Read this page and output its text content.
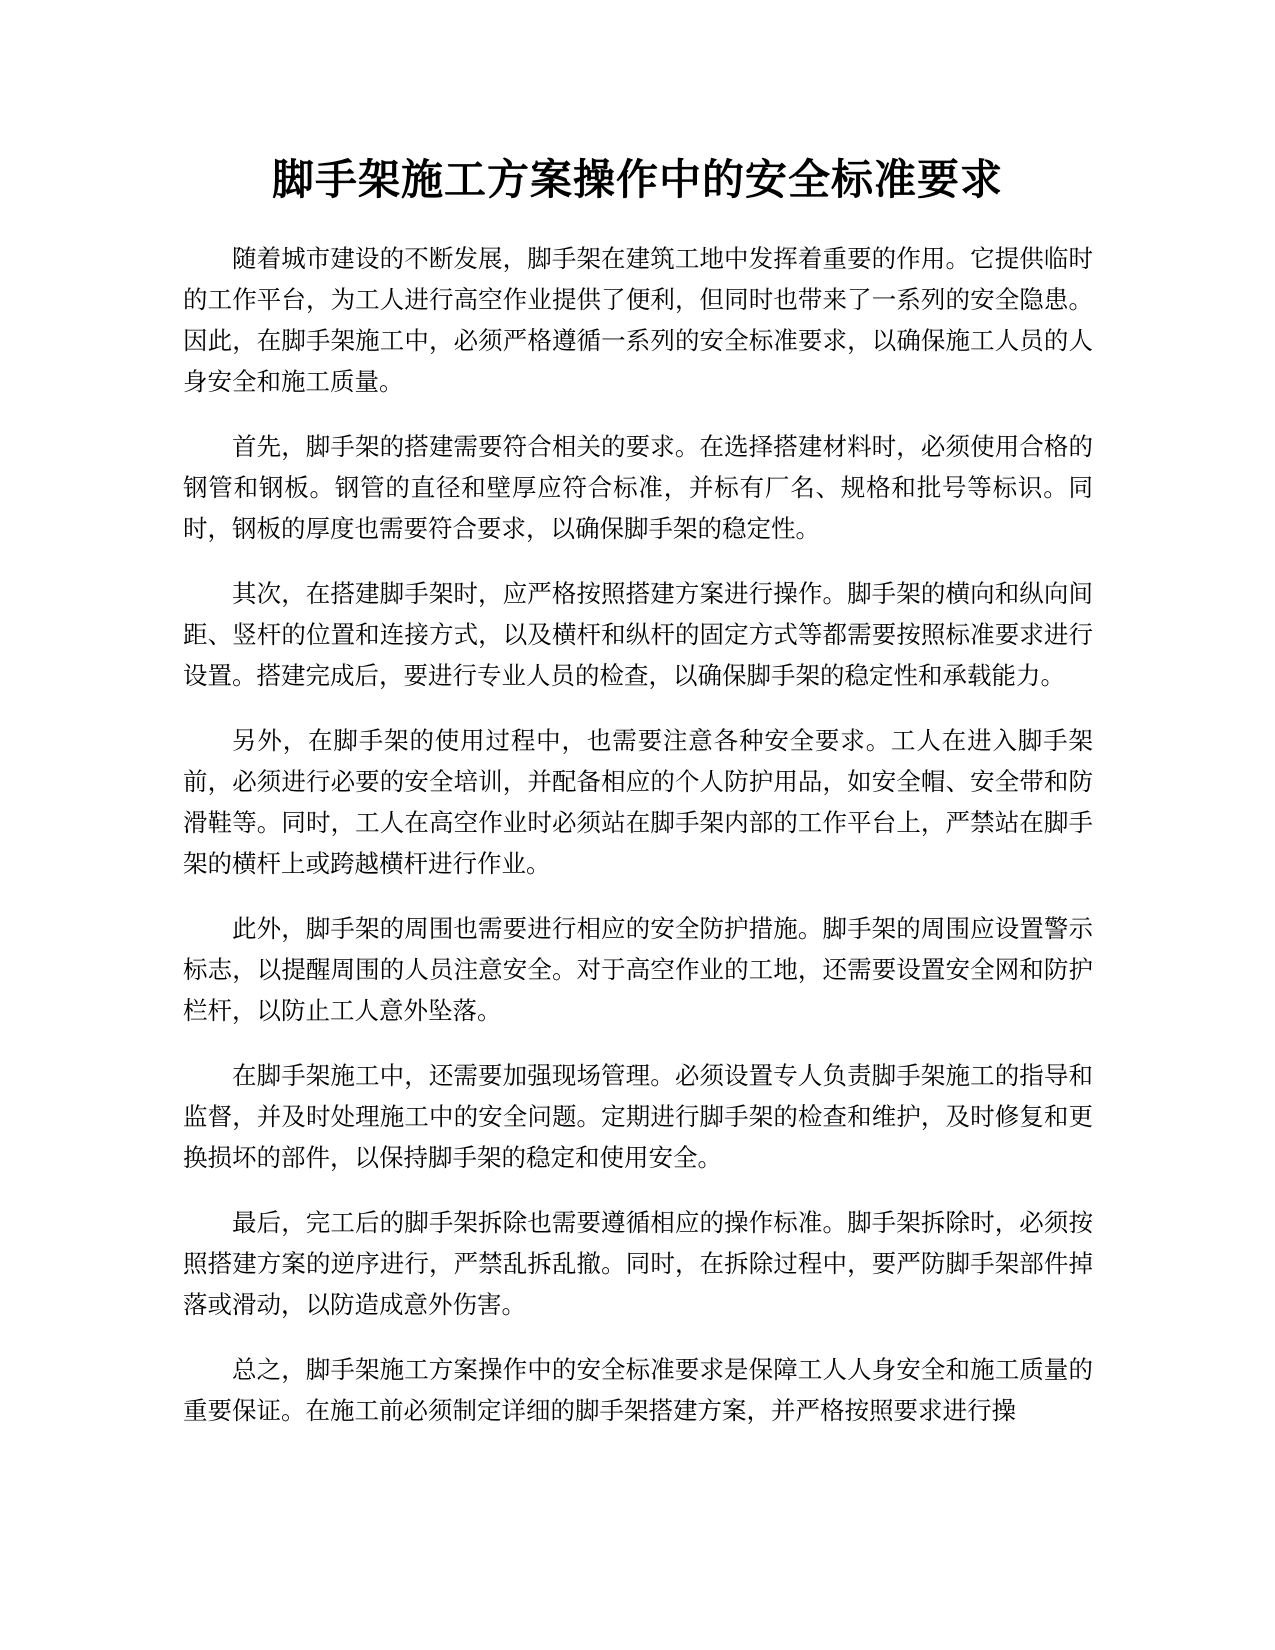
脚手架施工方案操作中的安全标准要求

随着城市建设的不断发展，脚手架在建筑工地中发挥着重要的作用。它提供临时的工作平台，为工人进行高空作业提供了便利，但同时也带来了一系列的安全隐患。因此，在脚手架施工中，必须严格遵循一系列的安全标准要求，以确保施工人员的人身安全和施工质量。

首先，脚手架的搭建需要符合相关的要求。在选择搭建材料时，必须使用合格的钢管和钢板。钢管的直径和壁厚应符合标准，并标有厂名、规格和批号等标识。同时，钢板的厚度也需要符合要求，以确保脚手架的稳定性。

其次，在搭建脚手架时，应严格按照搭建方案进行操作。脚手架的横向和纵向间距、竖杆的位置和连接方式，以及横杆和纵杆的固定方式等都需要按照标准要求进行设置。搭建完成后，要进行专业人员的检查，以确保脚手架的稳定性和承载能力。

另外，在脚手架的使用过程中，也需要注意各种安全要求。工人在进入脚手架前，必须进行必要的安全培训，并配备相应的个人防护用品，如安全帽、安全带和防滑鞋等。同时，工人在高空作业时必须站在脚手架内部的工作平台上，严禁站在脚手架的横杆上或跨越横杆进行作业。

此外，脚手架的周围也需要进行相应的安全防护措施。脚手架的周围应设置警示标志，以提醒周围的人员注意安全。对于高空作业的工地，还需要设置安全网和防护栏杆，以防止工人意外坠落。

在脚手架施工中，还需要加强现场管理。必须设置专人负责脚手架施工的指导和监督，并及时处理施工中的安全问题。定期进行脚手架的检查和维护，及时修复和更换损坏的部件，以保持脚手架的稳定和使用安全。

最后，完工后的脚手架拆除也需要遵循相应的操作标准。脚手架拆除时，必须按照搭建方案的逆序进行，严禁乱拆乱撤。同时，在拆除过程中，要严防脚手架部件掉落或滑动，以防造成意外伤害。

总之，脚手架施工方案操作中的安全标准要求是保障工人人身安全和施工质量的重要保证。在施工前必须制定详细的脚手架搭建方案，并严格按照要求进行操
